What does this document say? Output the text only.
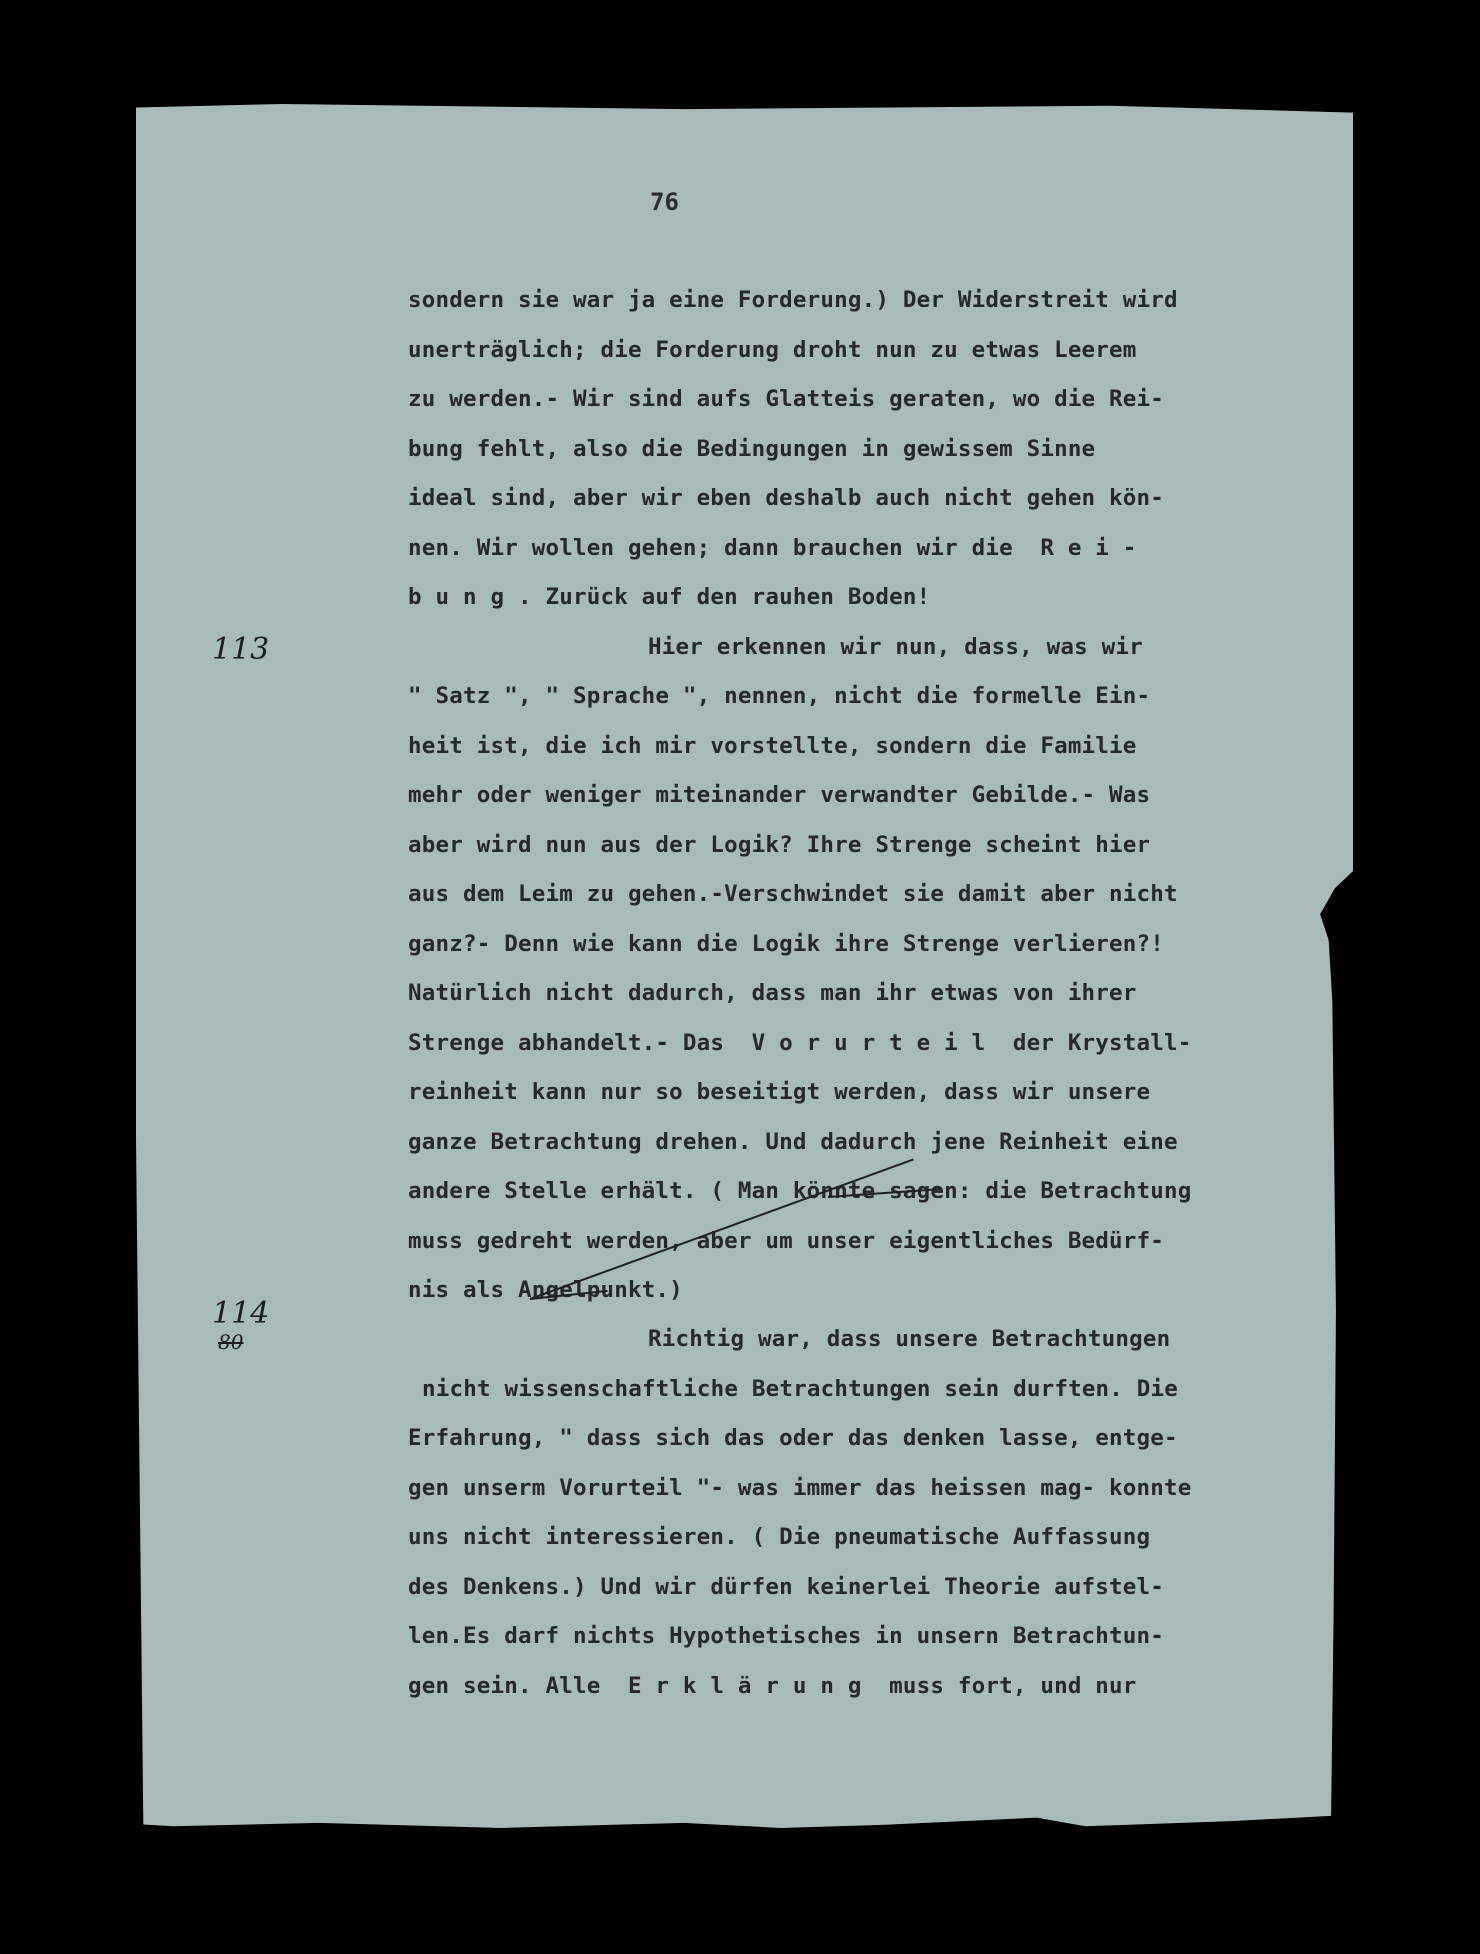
76
113
114
80
sondern sie war ja eine Forderung.) Der Widerstreit wird
unerträglich; die Forderung droht nun zu etwas Leerem
zu werden.- Wir sind aufs Glatteis geraten, wo die Rei-
bung fehlt, also die Bedingungen in gewissem Sinne
ideal sind, aber wir eben deshalb auch nicht gehen kön-
nen. Wir wollen gehen; dann brauchen wir die  R e i -
b u n g . Zurück auf den rauhen Boden!
Hier erkennen wir nun, dass, was wir
" Satz ", " Sprache ", nennen, nicht die formelle Ein-
heit ist, die ich mir vorstellte, sondern die Familie
mehr oder weniger miteinander verwandter Gebilde.- Was
aber wird nun aus der Logik? Ihre Strenge scheint hier
aus dem Leim zu gehen.-Verschwindet sie damit aber nicht
ganz?- Denn wie kann die Logik ihre Strenge verlieren?!
Natürlich nicht dadurch, dass man ihr etwas von ihrer
Strenge abhandelt.- Das  V o r u r t e i l  der Krystall-
reinheit kann nur so beseitigt werden, dass wir unsere
ganze Betrachtung drehen. Und dadurch jene Reinheit eine
andere Stelle erhält. ( Man könnte sagen: die Betrachtung
muss gedreht werden, aber um unser eigentliches Bedürf-
nis als Angelpunkt.)
Richtig war, dass unsere Betrachtungen
nicht wissenschaftliche Betrachtungen sein durften. Die
Erfahrung, " dass sich das oder das denken lasse, entge-
gen unserm Vorurteil "- was immer das heissen mag- konnte
uns nicht interessieren. ( Die pneumatische Auffassung
des Denkens.) Und wir dürfen keinerlei Theorie aufstel-
len.Es darf nichts Hypothetisches in unsern Betrachtun-
gen sein. Alle  E r k l ä r u n g  muss fort, und nur
